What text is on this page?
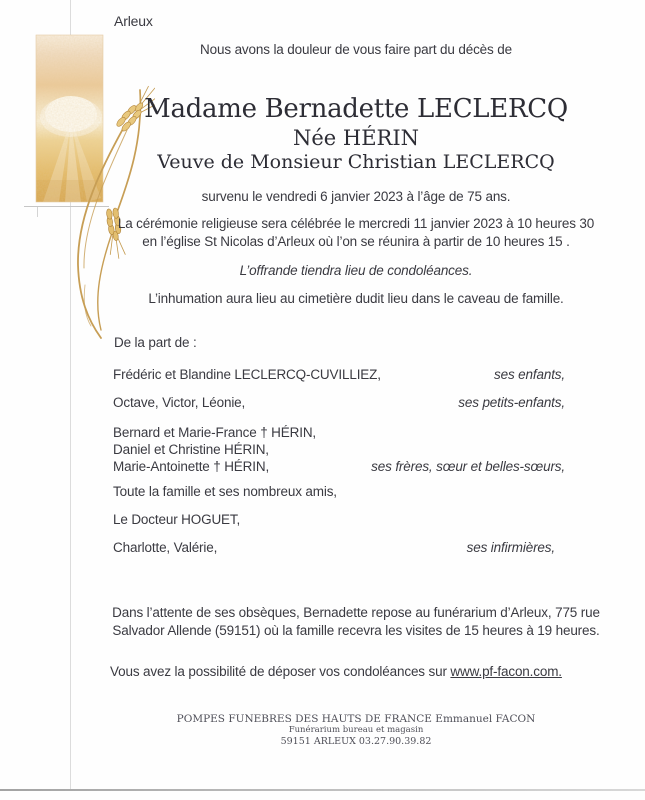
Arleux
Nous avons la douleur de vous faire part du décès de
Madame Bernadette LECLERCQ
Née HÉRIN
Veuve de Monsieur Christian LECLERCQ
survenu le vendredi 6 janvier 2023 à l’âge de 75 ans.
La cérémonie religieuse sera célébrée le mercredi 11 janvier 2023 à 10 heures 30
en l’église St Nicolas d’Arleux où l’on se réunira à partir de 10 heures 15 .
L’offrande tiendra lieu de condoléances.
L’inhumation aura lieu au cimetière dudit lieu dans le caveau de famille.
De la part de :
Frédéric et Blandine LECLERCQ-CUVILLIEZ,	ses enfants,
Octave, Victor, Léonie,	ses petits-enfants,
Bernard et Marie-France † HÉRIN,
Daniel et Christine HÉRIN,
Marie-Antoinette † HÉRIN,	ses frères, sœur et belles-sœurs,
Toute la famille et ses nombreux amis,
Le Docteur HOGUET,
Charlotte, Valérie,	ses infirmières,
Dans l’attente de ses obsèques, Bernadette repose au funérarium d’Arleux, 775 rue
Salvador Allende (59151) où la famille recevra les visites de 15 heures à 19 heures.
Vous avez la possibilité de déposer vos condoléances sur www.pf-facon.com.
POMPES FUNEBRES DES HAUTS DE FRANCE Emmanuel FACON
Funérarium bureau et magasin
59151 ARLEUX 03.27.90.39.82
